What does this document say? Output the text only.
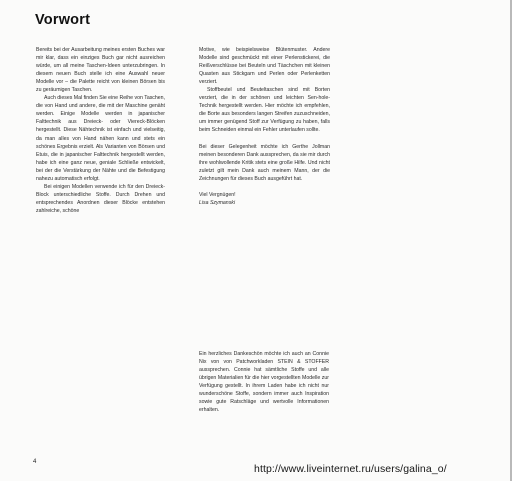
Vorwort

Bereits bei der Ausarbeitung meines ersten Buches war mir klar, dass ein einziges Buch gar nicht ausreichen würde, um all meine Taschen-Ideen unterzubringen. In diesem neuen Buch stelle ich eine Auswahl neuer Modelle vor – die Palette reicht von kleinen Börsen bis zu geräumigen Taschen.

Auch dieses Mal finden Sie eine Reihe von Taschen, die von Hand und andere, die mit der Maschine genäht werden. Einige Modelle werden in japanischer Falttechnik aus Dreieck- oder Viereck-Blöcken hergestellt. Diese Nähtechnik ist einfach und vielseitig, da man alles von Hand nähen kann und stets ein schönes Ergebnis erzielt. Als Varianten von Börsen und Etuis, die in japanischer Falttechnik hergestellt werden, habe ich eine ganz neue, geniale Schließe entwickelt, bei der die Verstärkung der Nähte und die Befestigung nahezu automatisch erfolgt.

Bei einigen Modellen verwende ich für den Dreieck-Block unterschiedliche Stoffe. Durch Drehen und entsprechendes Anordnen dieser Blöcke entstehen zahlreiche, schöne

Motive, wie beispielsweise Blütenmuster. Andere Modelle sind geschmückt mit einer Perlenstickerei, die Reißverschlüsse bei Beuteln und Täschchen mit kleinen Quasten aus Stickgarn und Perlen oder Perlenketten verziert.

Stoffbeutel und Beuteltaschen sind mit Borten verziert, die in der schönen und leichten Sen-hole-Technik hergestellt werden. Hier möchte ich empfehlen, die Borte aus besonders langen Streifen zuzuschneiden, um immer genügend Stoff zur Verfügung zu haben, falls beim Schneiden einmal ein Fehler unterlaufen sollte.

Bei dieser Gelegenheit möchte ich Gerthe Jollman meinen besonderen Dank aussprechen, da sie mir durch ihre wohlwollende Kritik stets eine große Hilfe. Und nicht zuletzt gilt mein Dank auch meinem Mann, der die Zeichnungen für dieses Buch ausgeführt hat.

Viel Vergnügen!

Lisa Szymanski

Ein herzliches Dankeschön möchte ich auch an Connie Nix von von Patchworkladen STEIN & STOFFER aussprechen. Connie hat sämtliche Stoffe und alle übrigen Materialien für die hier vorgestellten Modelle zur Verfügung gestellt. In ihrem Laden habe ich nicht nur wunderschöne Stoffe, sondern immer auch Inspiration sowie gute Ratschläge und wertvolle Informationen erhalten.

4
http://www.liveinternet.ru/users/galina_o/
